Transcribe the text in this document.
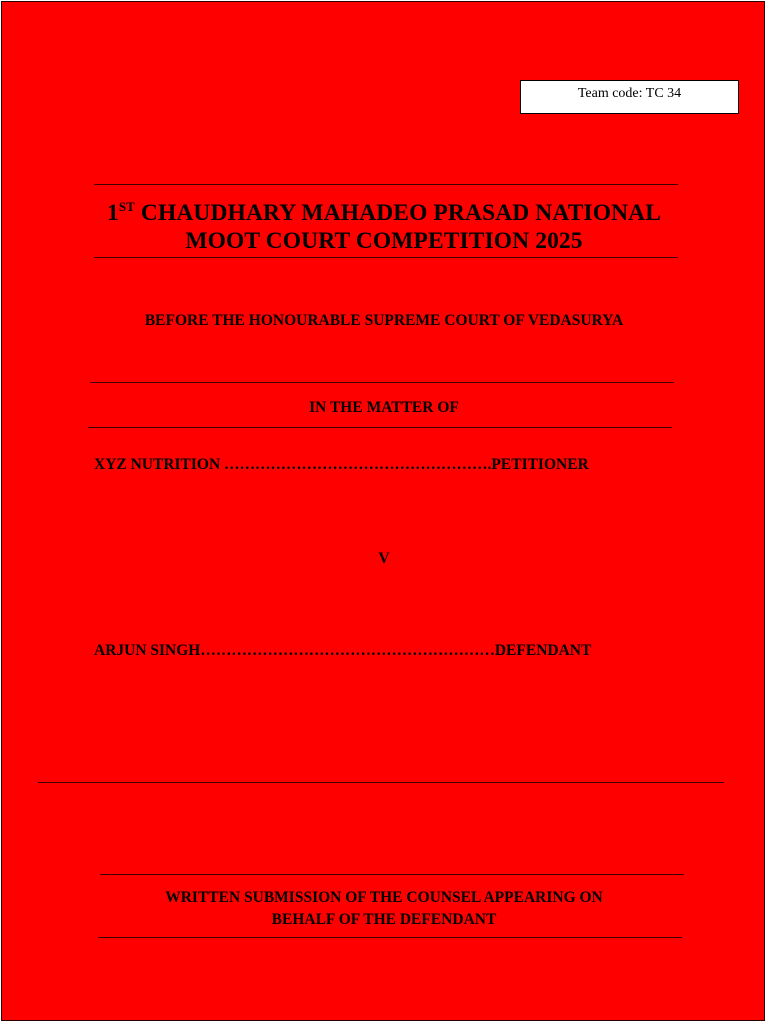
Team code: TC 34
1ST CHAUDHARY MAHADEO PRASAD NATIONAL
MOOT COURT COMPETITION 2025
BEFORE THE HONOURABLE SUPREME COURT OF VEDASURYA
IN THE MATTER OF
XYZ NUTRITION …………………………………………….PETITIONER
V
ARJUN SINGH…………………………………………………DEFENDANT
WRITTEN SUBMISSION OF THE COUNSEL APPEARING ON
BEHALF OF THE DEFENDANT
